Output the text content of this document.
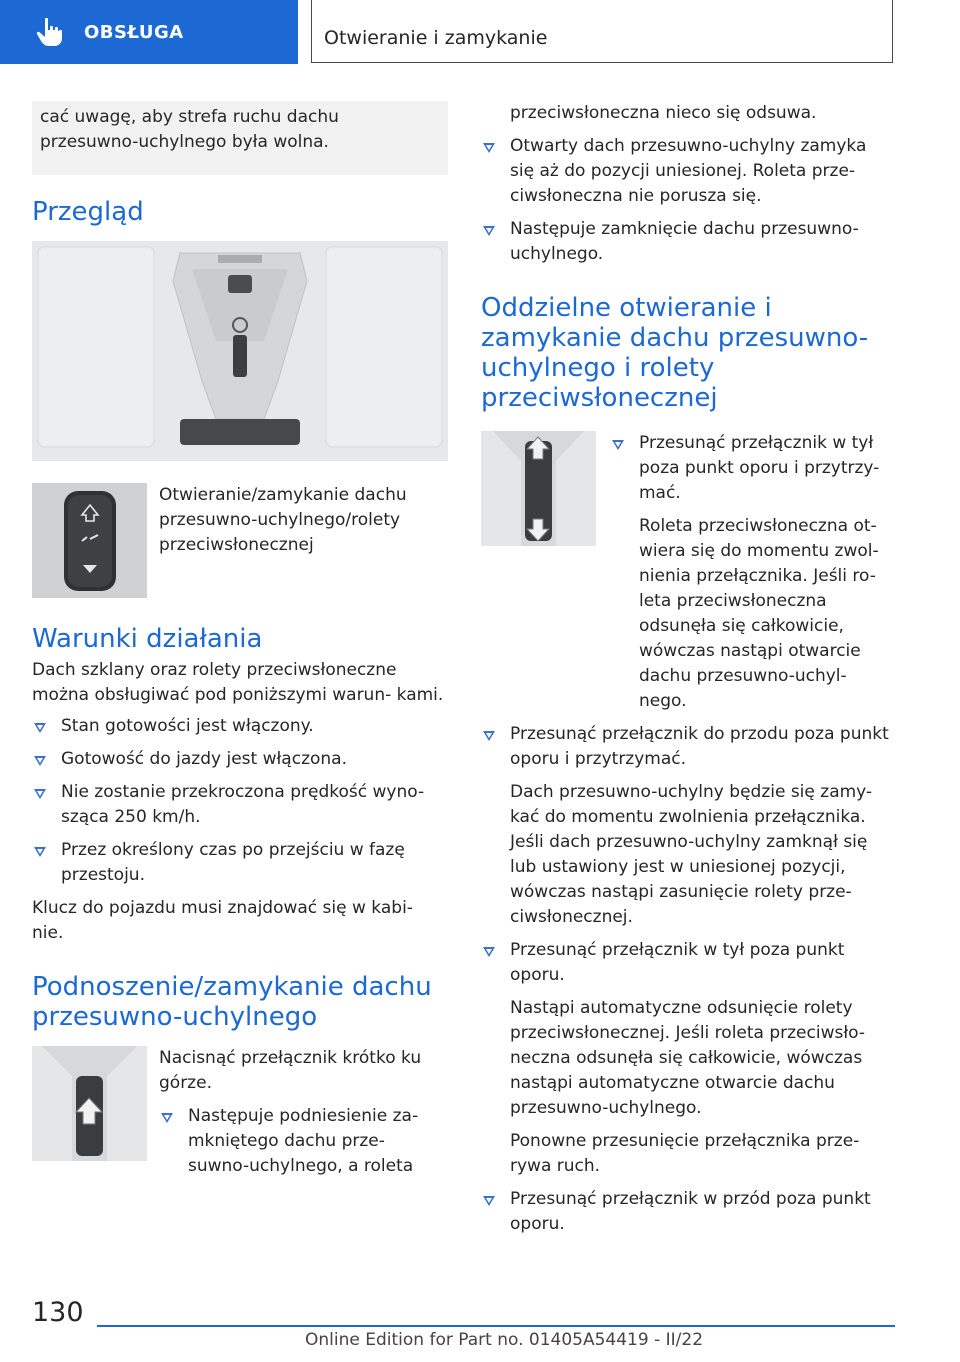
OBSŁUGA	Otwieranie i zamykanie

cać uwagę, aby strefa ruchu dachu przesuwno-uchylnego była wolna.

Przegląd

Otwieranie/zamykanie dachu przesuwno-uchylnego/rolety przeciwsłonecznej

Warunki działania

Dach szklany oraz rolety przeciwsłoneczne można obsługiwać pod poniższymi warun- kami.

Stan gotowości jest włączony.
Gotowość do jazdy jest włączona.
Nie zostanie przekroczona prędkość wyno- sząca 250 km/h.
Przez określony czas po przejściu w fazę przestoju.

Klucz do pojazdu musi znajdować się w kabi- nie.

Podnoszenie/zamykanie dachu przesuwno-uchylnego

Nacisnąć przełącznik krótko ku górze.

Następuje podniesienie za- mkniętego dachu prze- suwno-uchylnego, a roleta

przeciwsłoneczna nieco się odsuwa.

Otwarty dach przesuwno-uchylny zamyka się aż do pozycji uniesionej. Roleta prze- ciwsłoneczna nie porusza się.
Następuje zamknięcie dachu przesuwno- uchylnego.
Oddzielne otwieranie i zamykanie dachu przesuwno-uchylnego i rolety przeciwsłonecznej
Przesunąć przełącznik w tył poza punkt oporu i przytrzy- mać.

Roleta przeciwsłoneczna ot- wiera się do momentu zwol- nienia przełącznika. Jeśli ro- leta przeciwsłoneczna odsunęła się całkowicie, wówczas nastąpi otwarcie dachu przesuwno-uchyl- nego.

Przesunąć przełącznik do przodu poza punkt oporu i przytrzymać.

Dach przesuwno-uchylny będzie się zamy- kać do momentu zwolnienia przełącznika. Jeśli dach przesuwno-uchylny zamknął się lub ustawiony jest w uniesionej pozycji, wówczas nastąpi zasunięcie rolety prze- ciwsłonecznej.

Przesunąć przełącznik w tył poza punkt oporu.

Nastąpi automatyczne odsunięcie rolety przeciwsłonecznej. Jeśli roleta przeciwsło- neczna odsunęła się całkowicie, wówczas nastąpi automatyczne otwarcie dachu przesuwno-uchylnego.

Ponowne przesunięcie przełącznika prze- rywa ruch.

Przesunąć przełącznik w przód poza punkt oporu.
130
Online Edition for Part no. 01405A54419 - II/22
